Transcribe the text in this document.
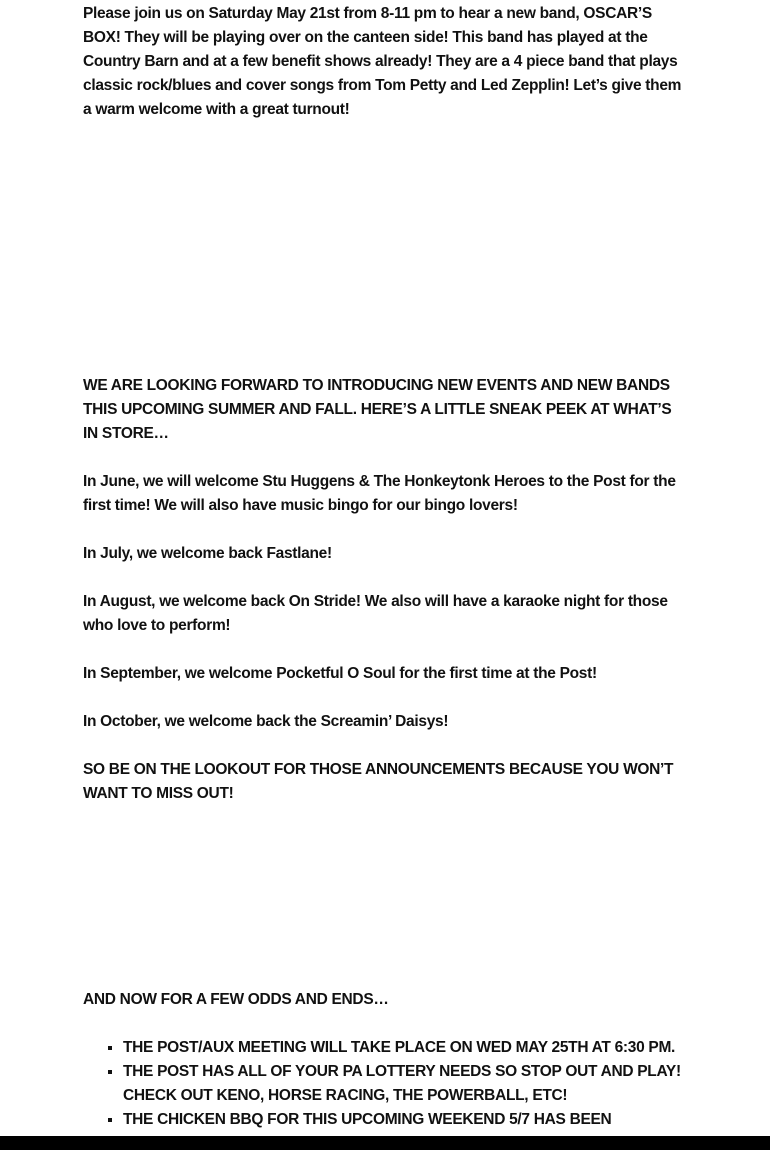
Please join us on Saturday May 21st from 8-11 pm to hear a new band, OSCAR’S BOX! They will be playing over on the canteen side! This band has played at the Country Barn and at a few benefit shows already! They are a 4 piece band that plays classic rock/blues and cover songs from Tom Petty and Led Zepplin! Let’s give them a warm welcome with a great turnout!

WE ARE LOOKING FORWARD TO INTRODUCING NEW EVENTS AND NEW BANDS THIS UPCOMING SUMMER AND FALL. HERE’S A LITTLE SNEAK PEEK AT WHAT’S IN STORE…

In June, we will welcome Stu Huggens & The Honkeytonk Heroes to the Post for the first time! We will also have music bingo for our bingo lovers!

In July, we welcome back Fastlane!

In August, we welcome back On Stride! We also will have a karaoke night for those who love to perform!

In September, we welcome Pocketful O Soul for the first time at the Post!

In October, we welcome back the Screamin’ Daisys!

SO BE ON THE LOOKOUT FOR THOSE ANNOUNCEMENTS BECAUSE YOU WON’T WANT TO MISS OUT!

AND NOW FOR A FEW ODDS AND ENDS…

▪ THE POST/AUX MEETING WILL TAKE PLACE ON WED MAY 25TH AT 6:30 PM.
▪ THE POST HAS ALL OF YOUR PA LOTTERY NEEDS SO STOP OUT AND PLAY! CHECK OUT KENO, HORSE RACING, THE POWERBALL, ETC!
▪ THE CHICKEN BBQ FOR THIS UPCOMING WEEKEND 5/7 HAS BEEN
